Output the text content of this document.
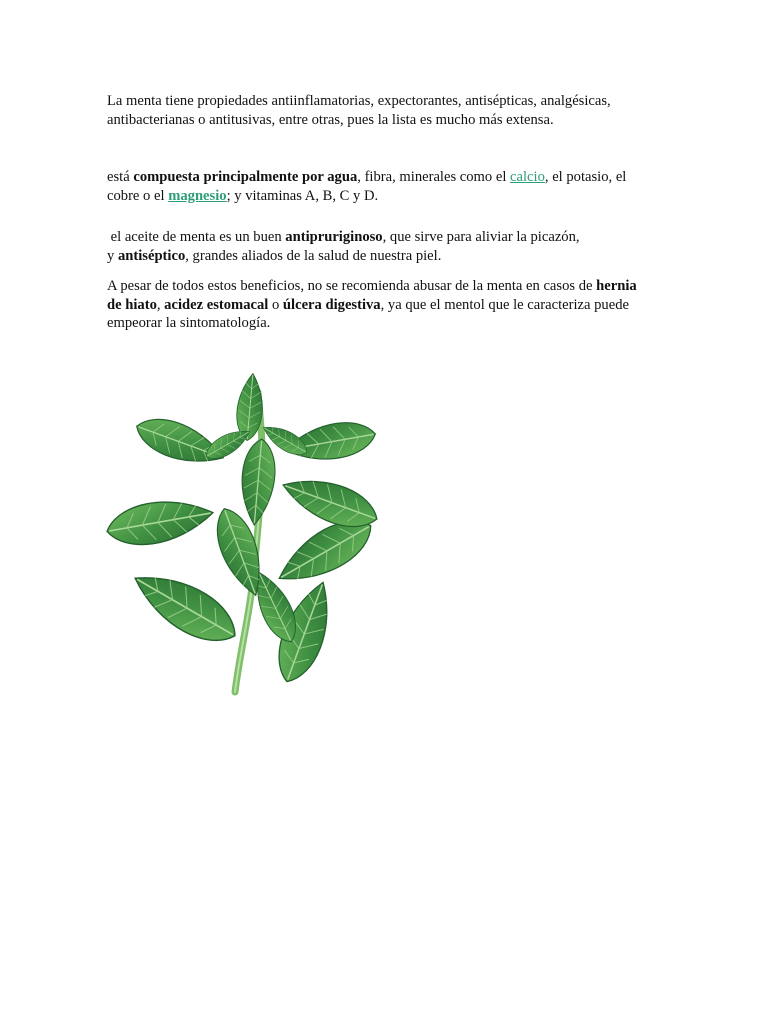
La menta tiene propiedades antiinflamatorias, expectorantes, antisépticas, analgésicas,
antibacterianas o antitusivas, entre otras, pues la lista es mucho más extensa.

está compuesta principalmente por agua, fibra, minerales como el calcio, el potasio, el
cobre o el magnesio; y vitaminas A, B, C y D.

el aceite de menta es un buen antipruriginoso, que sirve para aliviar la picazón,
y antiséptico, grandes aliados de la salud de nuestra piel.

A pesar de todos estos beneficios, no se recomienda abusar de la menta en casos de hernia
de hiato, acidez estomacal o úlcera digestiva, ya que el mentol que le caracteriza puede
empeorar la sintomatología.
